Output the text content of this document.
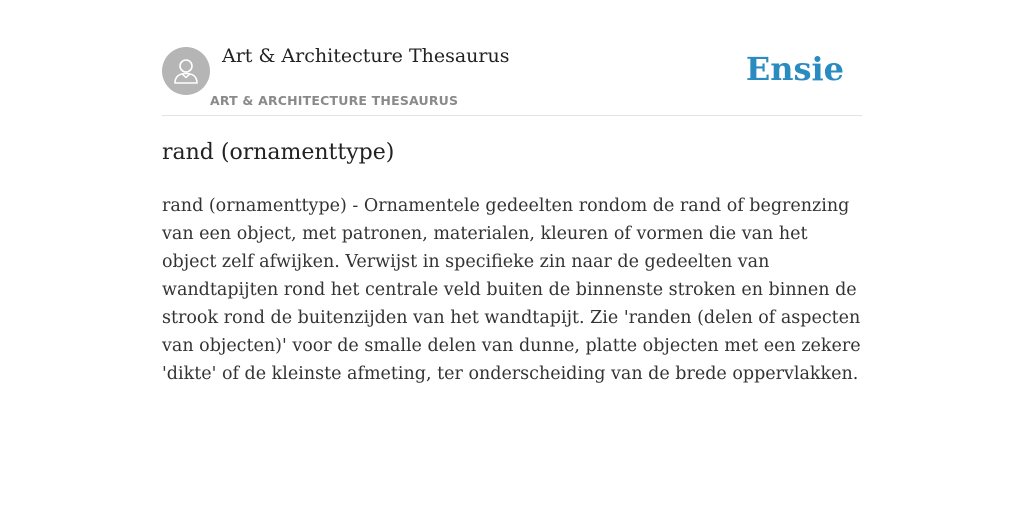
Art & Architecture Thesaurus
ART & ARCHITECTURE THESAURUS
Ensie
rand (ornamenttype)

rand (ornamenttype) - Ornamentele gedeelten rondom de rand of begrenzing van een object, met patronen, materialen, kleuren of vormen die van het object zelf afwijken. Verwijst in specifieke zin naar de gedeelten van wandtapijten rond het centrale veld buiten de binnenste stroken en binnen de strook rond de buitenzijden van het wandtapijt. Zie 'randen (delen of aspecten van objecten)' voor de smalle delen van dunne, platte objecten met een zekere 'dikte' of de kleinste afmeting, ter onderscheiding van de brede oppervlakken.
